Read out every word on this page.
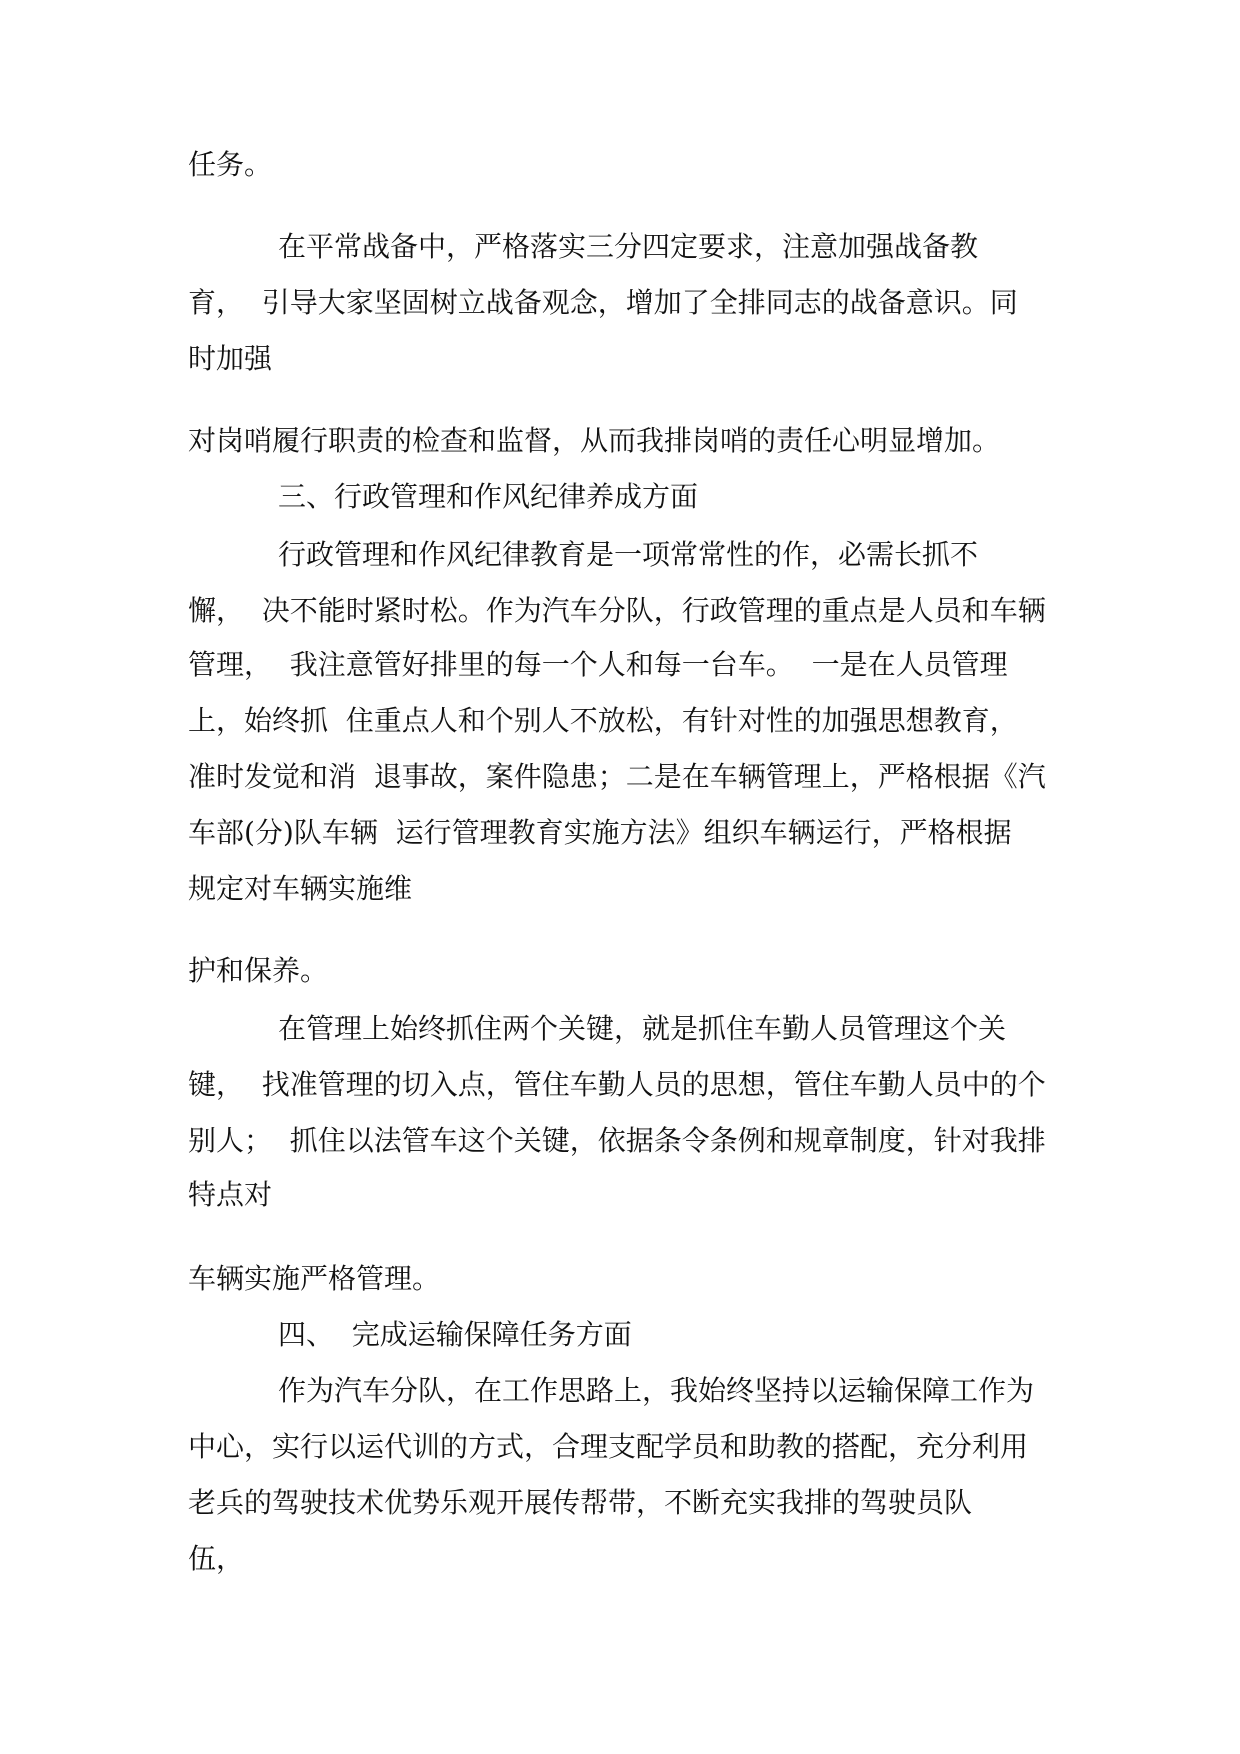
任务。
在平常战备中，严格落实三分四定要求，注意加强战备教
育，  引导大家坚固树立战备观念，增加了全排同志的战备意识。同
时加强
对岗哨履行职责的检查和监督，从而我排岗哨的责任心明显增加。
三、行政管理和作风纪律养成方面
行政管理和作风纪律教育是一项常常性的作，必需长抓不
懈，  决不能时紧时松。作为汽车分队，行政管理的重点是人员和车辆
管理，  我注意管好排里的每一个人和每一台车。  一是在人员管理
上，始终抓  住重点人和个别人不放松，有针对性的加强思想教育，
准时发觉和消  退事故，案件隐患；二是在车辆管理上，严格根据《汽
车部(分)队车辆  运行管理教育实施方法》组织车辆运行，严格根据
规定对车辆实施维
护和保养。
在管理上始终抓住两个关键，就是抓住车勤人员管理这个关
键，  找准管理的切入点，管住车勤人员的思想，管住车勤人员中的个
别人；  抓住以法管车这个关键，依据条令条例和规章制度，针对我排
特点对
车辆实施严格管理。
四、  完成运输保障任务方面
作为汽车分队，在工作思路上，我始终坚持以运输保障工作为
中心，实行以运代训的方式，合理支配学员和助教的搭配，充分利用
老兵的驾驶技术优势乐观开展传帮带，不断充实我排的驾驶员队
伍，
